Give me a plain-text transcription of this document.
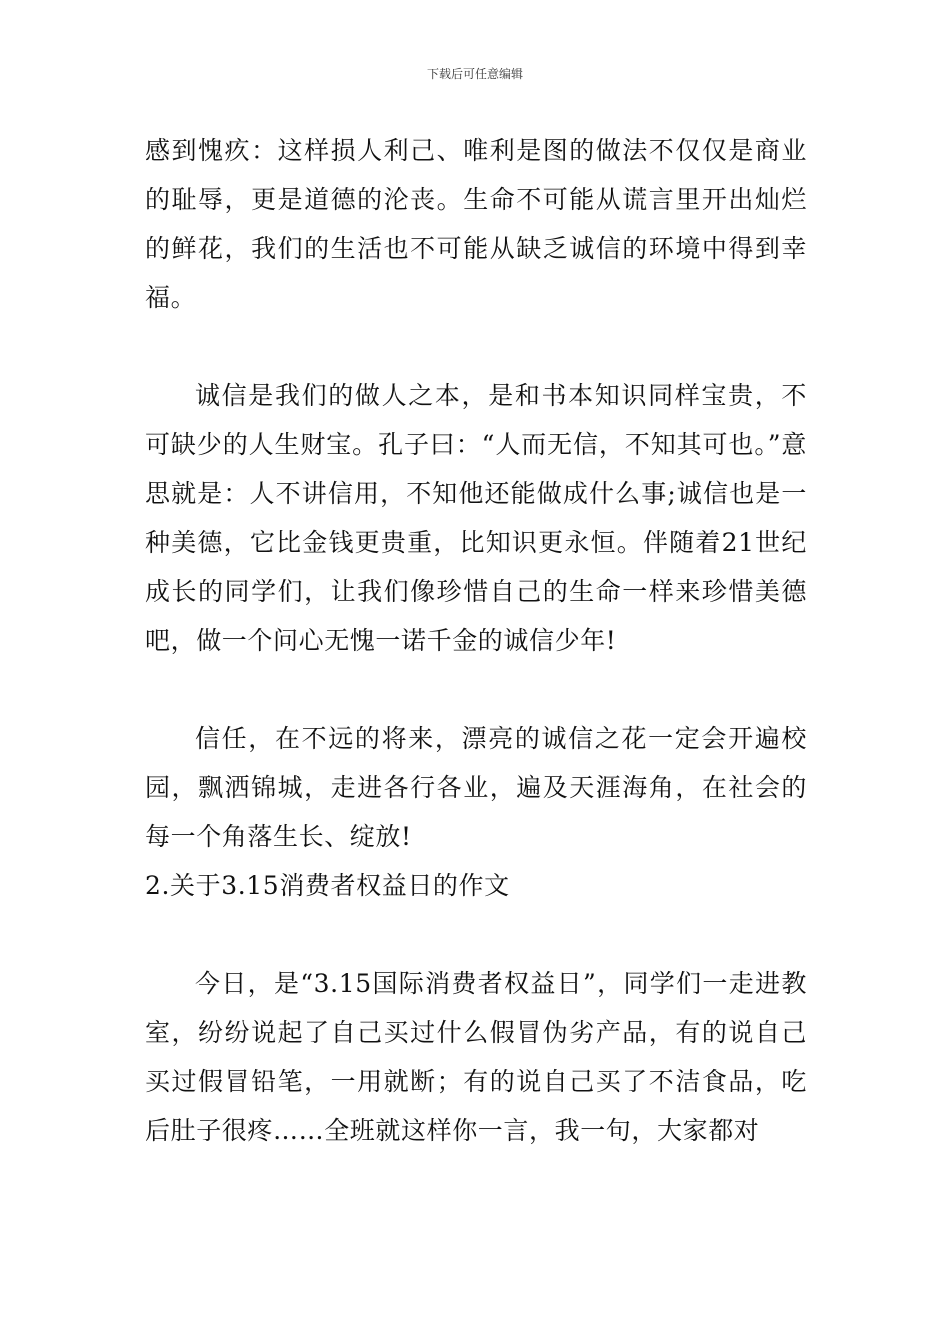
下载后可任意编辑

感到愧疚：这样损人利己、唯利是图的做法不仅仅是商业的耻辱，更是道德的沦丧。生命不可能从谎言里开出灿烂的鲜花，我们的生活也不可能从缺乏诚信的环境中得到幸福。

诚信是我们的做人之本，是和书本知识同样宝贵，不可缺少的人生财宝。孔子曰：“人而无信，不知其可也。”意思就是：人不讲信用，不知他还能做成什么事;诚信也是一种美德，它比金钱更贵重，比知识更永恒。伴随着21世纪成长的同学们，让我们像珍惜自己的生命一样来珍惜美德吧，做一个问心无愧一诺千金的诚信少年!

信任，在不远的将来，漂亮的诚信之花一定会开遍校园，飘洒锦城，走进各行各业，遍及天涯海角，在社会的每一个角落生长、绽放!

2.关于3.15消费者权益日的作文

今日，是“3.15国际消费者权益日”，同学们一走进教室，纷纷说起了自己买过什么假冒伪劣产品，有的说自己买过假冒铅笔，一用就断；有的说自己买了不洁食品，吃后肚子很疼……全班就这样你一言，我一句，大家都对
